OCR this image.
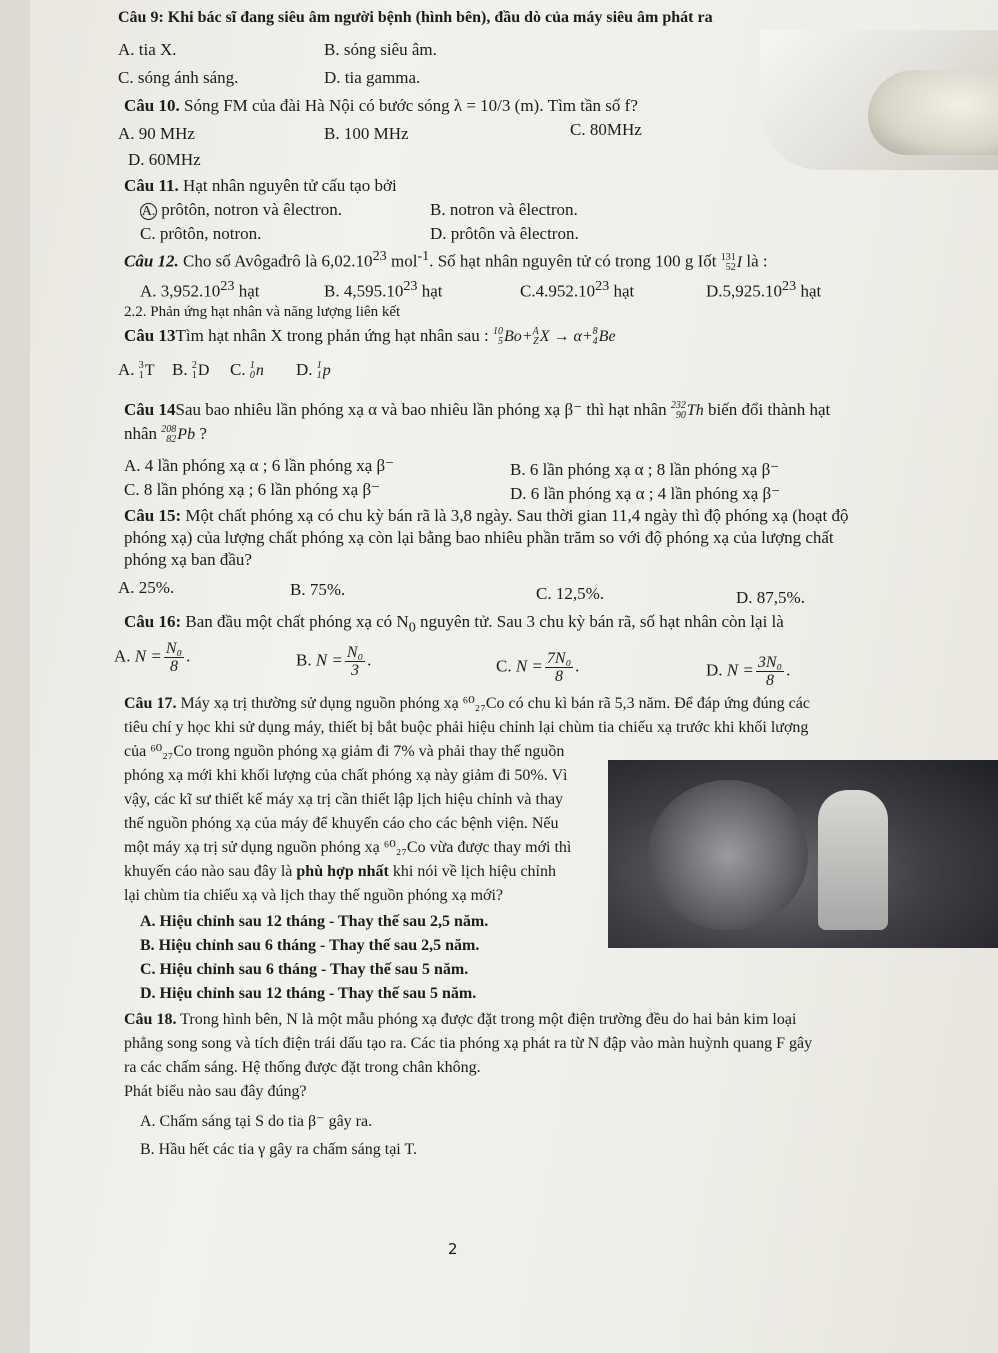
Câu 9: Khi bác sĩ đang siêu âm người bệnh (hình bên), đầu dò của máy siêu âm phát ra
A. tia X.	B. sóng siêu âm.
C. sóng ánh sáng.	D. tia gamma.
Câu 10. Sóng FM của đài Hà Nội có bước sóng λ = 10/3 (m). Tìm tần số f?
A. 90 MHz	B. 100 MHz	C. 80MHz
D. 60MHz
Câu 11. Hạt nhân nguyên tử cấu tạo bởi
A. prôtôn, notron và êlectron.	B. notron và êlectron.
C. prôtôn, notron.	D. prôtôn và êlectron.
Câu 12. Cho số Avôgađrô là 6,02.10$^{23}$ mol$^{-1}$. Số hạt nhân nguyên tử có trong 100 g Iốt 131
52 I là :
A. 3,952.10$^{23}$ hạt	B. 4,595.10$^{23}$ hạt	C.4.952.10$^{23}$ hạt	D.5,925.10$^{23}$ hạt
2.2. Phản ứng hạt nhân và năng lượng liên kết
Câu 13Tìm hạt nhân X trong phản ứng hạt nhân sau : 10
5 Bo+ A
Z X → α+ 8
4 Be
A. 3
1 T B. 2
1 D C. 1
0 n D. 1
1 p
Câu 14Sau bao nhiêu lần phóng xạ α và bao nhiêu lần phóng xạ β⁻ thì hạt nhân 232
90 Th biến đổi thành hạt
nhân 208
82 Pb ?
A. 4 lần phóng xạ α ; 6 lần phóng xạ β⁻	B. 6 lần phóng xạ α ; 8 lần phóng xạ β⁻
C. 8 lần phóng xạ ; 6 lần phóng xạ β⁻	D. 6 lần phóng xạ α ; 4 lần phóng xạ β⁻
Câu 15: Một chất phóng xạ có chu kỳ bán rã là 3,8 ngày. Sau thời gian 11,4 ngày thì độ phóng xạ (hoạt độ
phóng xạ) của lượng chất phóng xạ còn lại bằng bao nhiêu phần trăm so với độ phóng xạ của lượng chất
phóng xạ ban đầu?
A. 25%.	B. 75%.	C. 12,5%.	D. 87,5%.
Câu 16: Ban đầu một chất phóng xạ có $N_0$ nguyên tử. Sau 3 chu kỳ bán rã, số hạt nhân còn lại là
A. $N = \frac{\text{N₀}}{8}$ .	B. $N = \frac{\text{N₀}}{3}$ .	C. $N = \frac{\text{7N₀}}{8}$ .	D. $N = \frac{\text{3N₀}}{8}$ .
Câu 17. Máy xạ trị thường sử dụng nguồn phóng xạ ⁶⁰₂₇Co có chu kì bán rã 5,3 năm. Để đáp ứng đúng các
tiêu chí y học khi sử dụng máy, thiết bị bắt buộc phải hiệu chỉnh lại chùm tia chiếu xạ trước khi khối lượng
của ⁶⁰₂₇Co trong nguồn phóng xạ giảm đi 7% và phải thay thế nguồn
phóng xạ mới khi khối lượng của chất phóng xạ này giảm đi 50%. Vì
vậy, các kĩ sư thiết kế máy xạ trị cần thiết lập lịch hiệu chỉnh và thay
thế nguồn phóng xạ của máy để khuyến cáo cho các bệnh viện. Nếu
một máy xạ trị sử dụng nguồn phóng xạ ⁶⁰₂₇Co vừa được thay mới thì
khuyến cáo nào sau đây là phù hợp nhất khi nói về lịch hiệu chỉnh
lại chùm tia chiếu xạ và lịch thay thế nguồn phóng xạ mới?
A. Hiệu chỉnh sau 12 tháng - Thay thế sau 2,5 năm.
B. Hiệu chỉnh sau 6 tháng - Thay thế sau 2,5 năm.
C. Hiệu chỉnh sau 6 tháng - Thay thế sau 5 năm.
D. Hiệu chỉnh sau 12 tháng - Thay thế sau 5 năm.
Câu 18. Trong hình bên, N là một mẫu phóng xạ được đặt trong một điện trường đều do hai bản kim loại
phẳng song song và tích điện trái dấu tạo ra. Các tia phóng xạ phát ra từ N đập vào màn huỳnh quang F gây
ra các chấm sáng. Hệ thống được đặt trong chân không.
Phát biểu nào sau đây đúng?
A. Chấm sáng tại S do tia β⁻ gây ra.
B. Hầu hết các tia γ gây ra chấm sáng tại T.
2
